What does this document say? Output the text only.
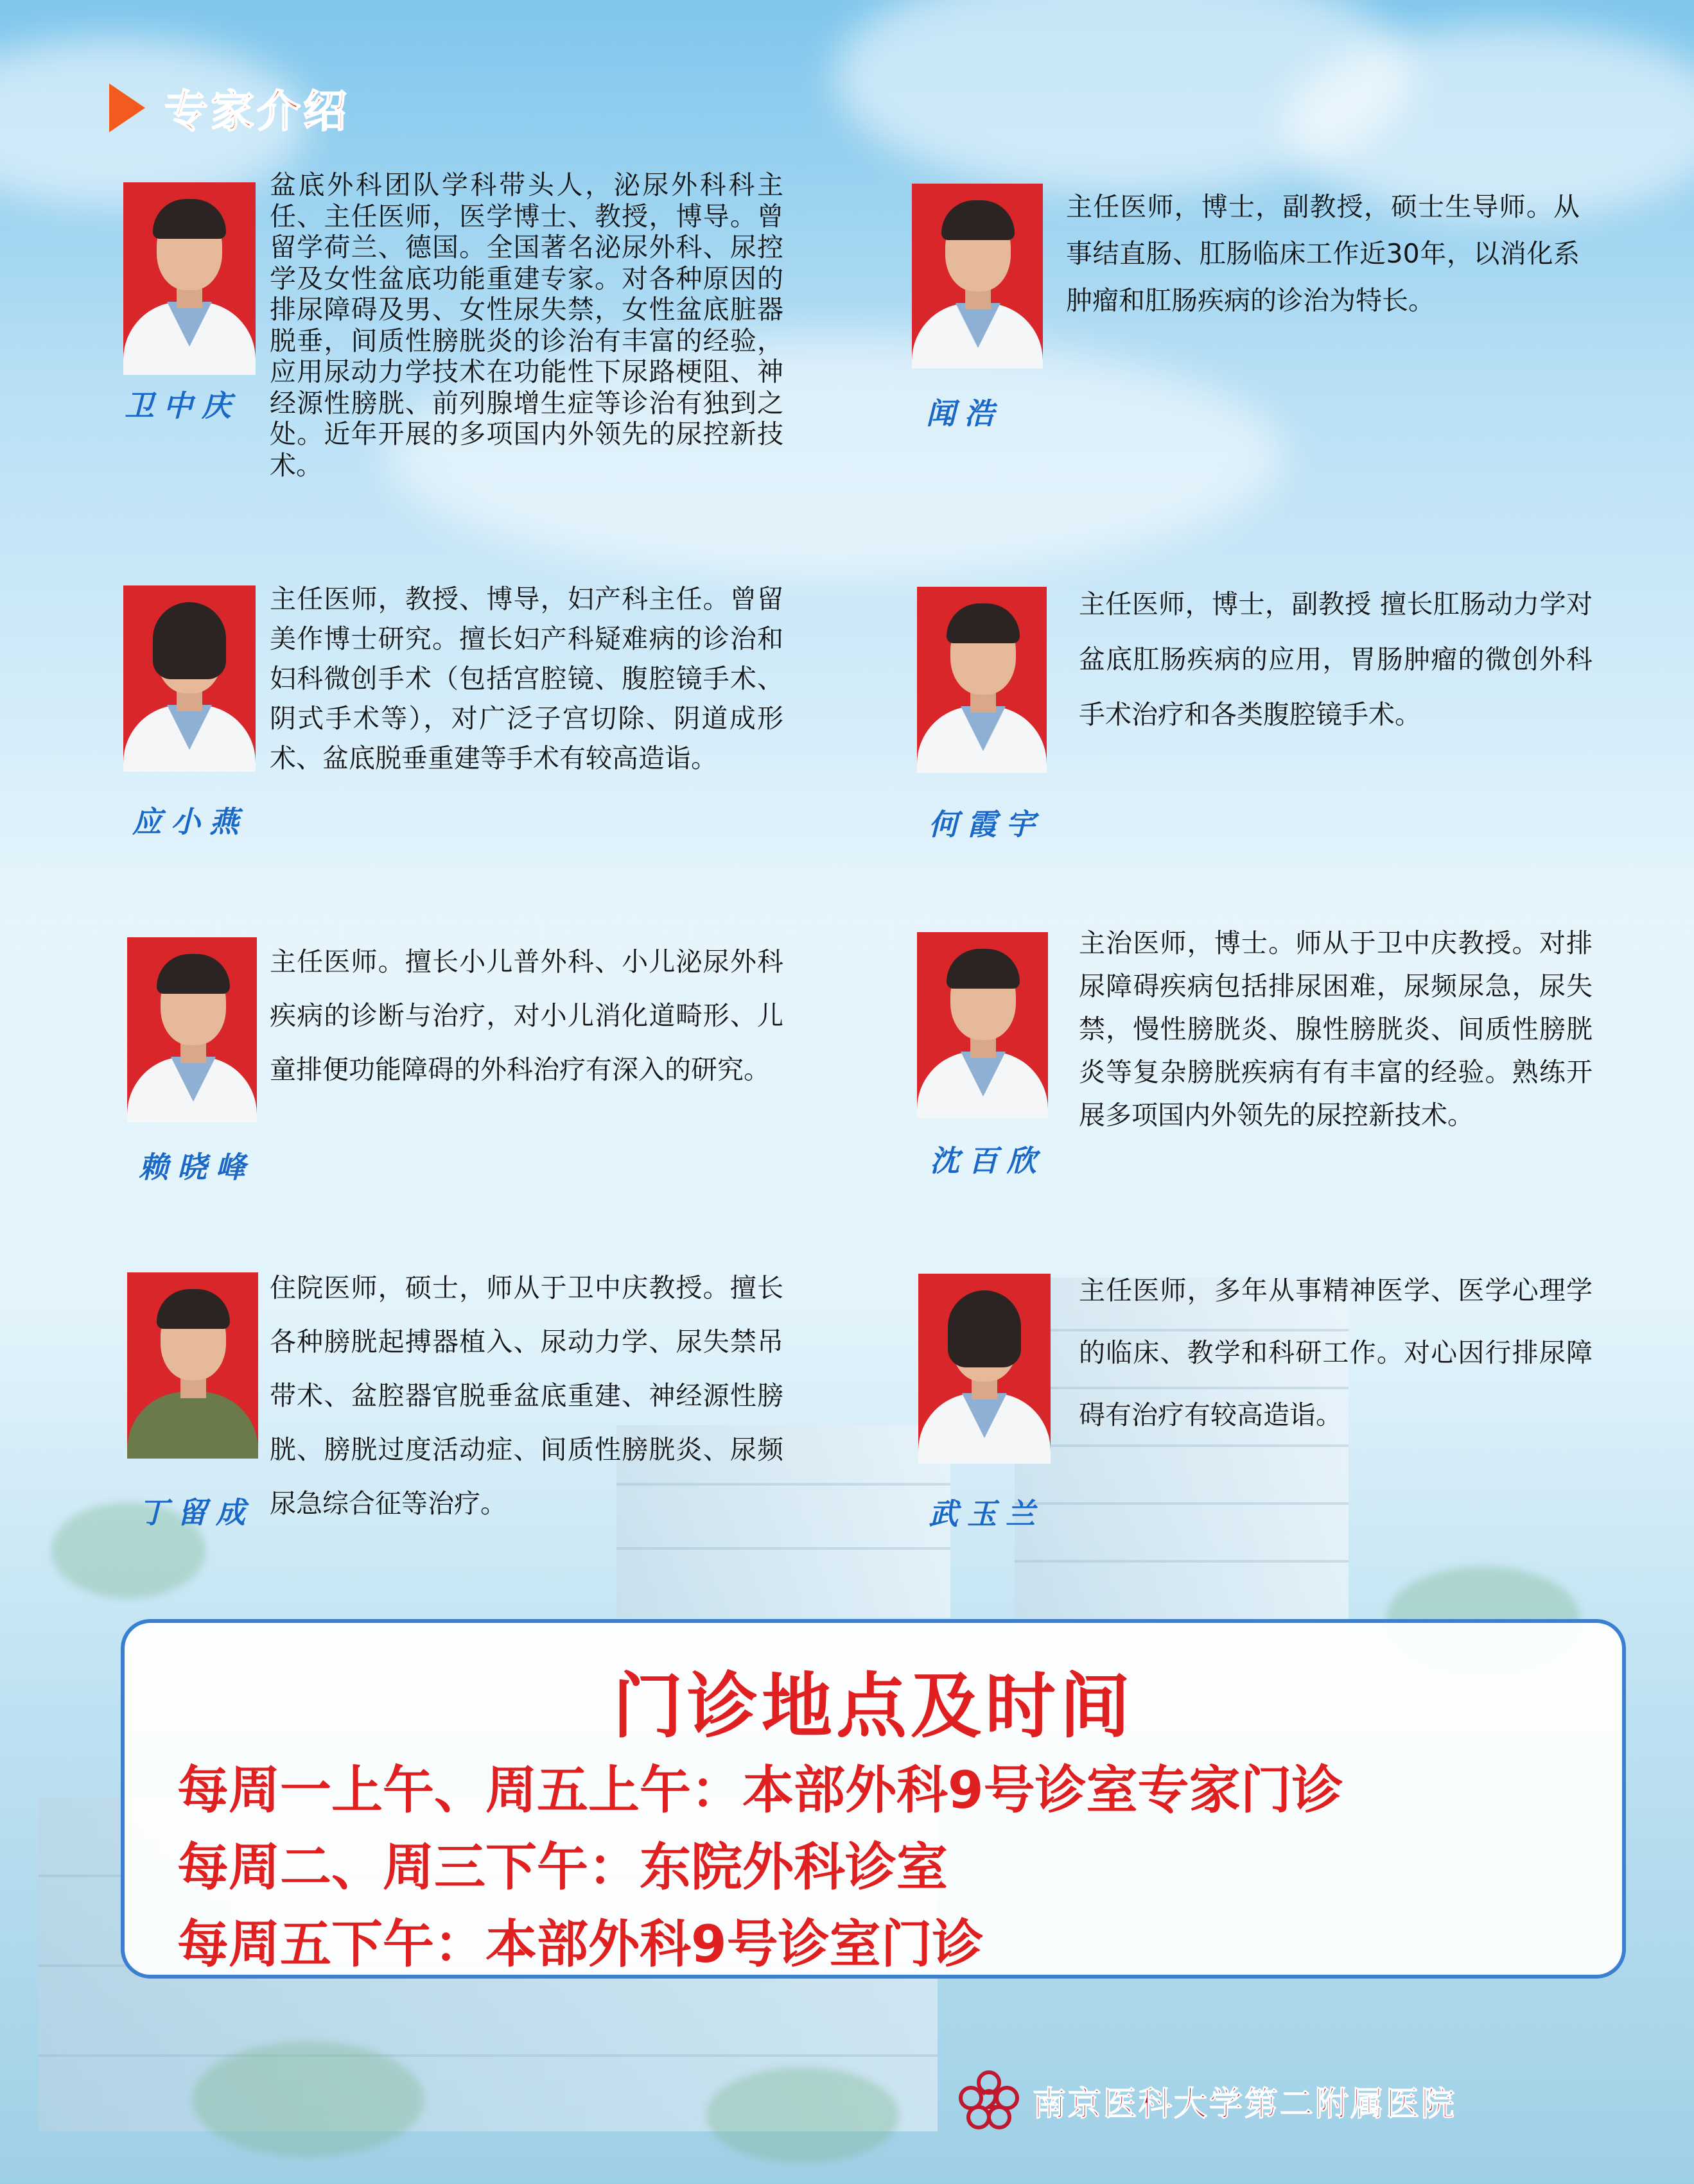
专家介绍
卫中庆

盆底外科团队学科带头人，泌尿外科科主任、主任医师，医学博士、教授，博导。曾留学荷兰、德国。全国著名泌尿外科、尿控学及女性盆底功能重建专家。对各种原因的排尿障碍及男、女性尿失禁，女性盆底脏器脱垂，间质性膀胱炎的诊治有丰富的经验，应用尿动力学技术在功能性下尿路梗阻、神经源性膀胱、前列腺增生症等诊治有独到之处。近年开展的多项国内外领先的尿控新技术。

闻浩

主任医师，博士，副教授，硕士生导师。从事结直肠、肛肠临床工作近30年，以消化系肿瘤和肛肠疾病的诊治为特长。

应小燕

主任医师，教授、博导，妇产科主任。曾留美作博士研究。擅长妇产科疑难病的诊治和妇科微创手术（包括宫腔镜、腹腔镜手术、阴式手术等），对广泛子宫切除、阴道成形术、盆底脱垂重建等手术有较高造诣。

何霞宇

主任医师，博士，副教授 擅长肛肠动力学对盆底肛肠疾病的应用，胃肠肿瘤的微创外科手术治疗和各类腹腔镜手术。

赖晓峰

主任医师。擅长小儿普外科、小儿泌尿外科疾病的诊断与治疗，对小儿消化道畸形、儿童排便功能障碍的外科治疗有深入的研究。

沈百欣

主治医师，博士。师从于卫中庆教授。对排尿障碍疾病包括排尿困难，尿频尿急，尿失禁，慢性膀胱炎、腺性膀胱炎、间质性膀胱炎等复杂膀胱疾病有有丰富的经验。熟练开展多项国内外领先的尿控新技术。

丁留成

住院医师，硕士，师从于卫中庆教授。擅长各种膀胱起搏器植入、尿动力学、尿失禁吊带术、盆腔器官脱垂盆底重建、神经源性膀胱、膀胱过度活动症、间质性膀胱炎、尿频尿急综合征等治疗。	武玉兰

主任医师，多年从事精神医学、医学心理学的临床、教学和科研工作。对心因行排尿障碍有治疗有较高造诣。

门诊地点及时间
每周一上午、周五上午：本部外科9号诊室专家门诊
每周二、周三下午：东院外科诊室
每周五下午：本部外科9号诊室门诊
南京医科大学第二附属医院
